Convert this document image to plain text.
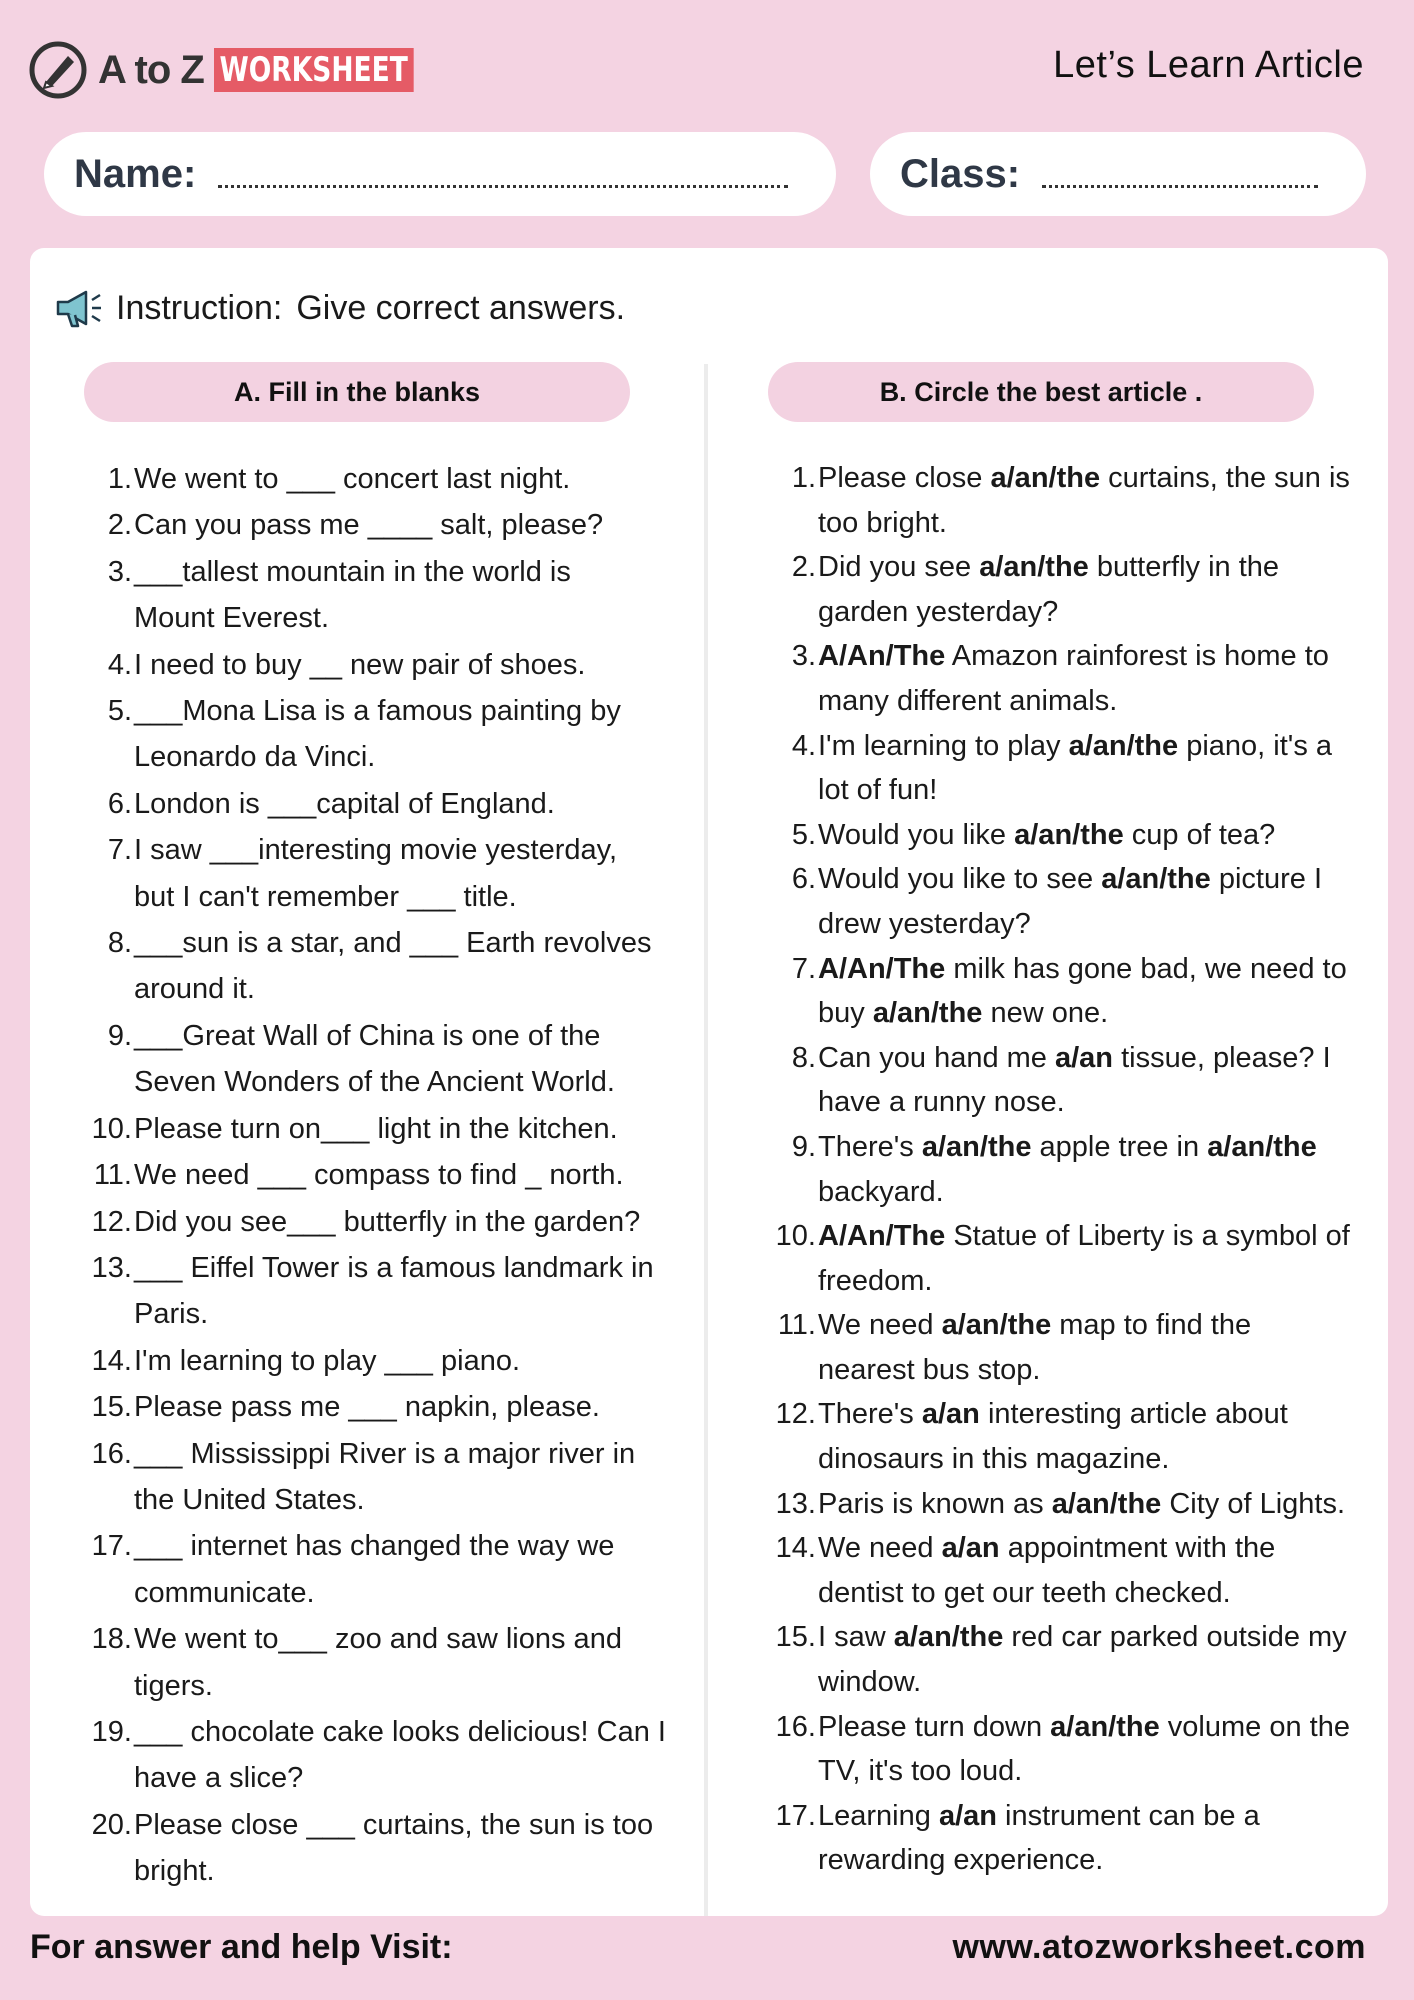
A to Z WORKSHEET	Let’s Learn Article
Name:	Class:
Instruction: Give correct answers.
A. Fill in the blanks	B. Circle the best article .
1. We went to ___ concert last night.
2. Can you pass me ____ salt, please?
3. ___tallest mountain in the world is
Mount Everest.
4. I need to buy __ new pair of shoes.
5. ___Mona Lisa is a famous painting by
Leonardo da Vinci.
6. London is ___capital of England.
7. I saw ___interesting movie yesterday,
but I can't remember ___ title.
8. ___sun is a star, and ___ Earth revolves
around it.
9. ___Great Wall of China is one of the
Seven Wonders of the Ancient World.
10. Please turn on___ light in the kitchen.
11. We need ___ compass to find _ north.
12. Did you see___ butterfly in the garden?
13. ___ Eiffel Tower is a famous landmark in
Paris.
14. I'm learning to play ___ piano.
15. Please pass me ___ napkin, please.
16. ___ Mississippi River is a major river in
the United States.
17. ___ internet has changed the way we
communicate.
18. We went to___ zoo and saw lions and
tigers.
19. ___ chocolate cake looks delicious! Can I
have a slice?
20. Please close ___ curtains, the sun is too
bright.
1. Please close a/an/the curtains, the sun is
too bright.
2. Did you see a/an/the butterfly in the
garden yesterday?
3. A/An/The Amazon rainforest is home to
many different animals.
4. I'm learning to play a/an/the piano, it's a
lot of fun!
5. Would you like a/an/the cup of tea?
6. Would you like to see a/an/the picture I
drew yesterday?
7. A/An/The milk has gone bad, we need to
buy a/an/the new one.
8. Can you hand me a/an tissue, please? I
have a runny nose.
9. There's a/an/the apple tree in a/an/the
backyard.
10. A/An/The Statue of Liberty is a symbol of
freedom.
11. We need a/an/the map to find the
nearest bus stop.
12. There's a/an interesting article about
dinosaurs in this magazine.
13. Paris is known as a/an/the City of Lights.
14. We need a/an appointment with the
dentist to get our teeth checked.
15. I saw a/an/the red car parked outside my
window.
16. Please turn down a/an/the volume on the
TV, it's too loud.
17. Learning a/an instrument can be a
rewarding experience.
For answer and help Visit:	www.atozworksheet.com
